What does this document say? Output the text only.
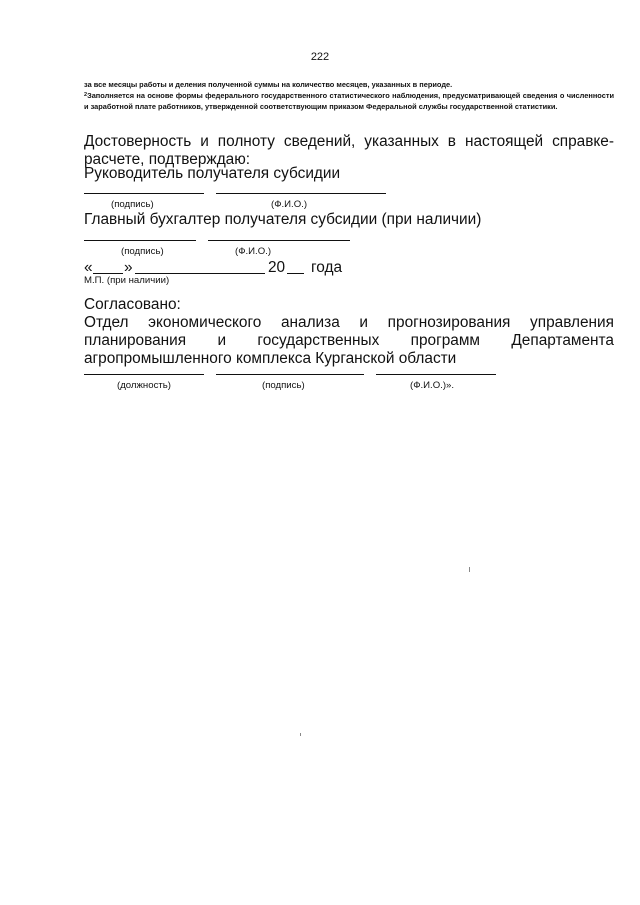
222
за все месяцы работы и деления полученной суммы на количество месяцев, указанных в периоде.
$^2$Заполняется на основе формы федерального государственного статистического наблюдения, предусматривающей сведения о численности и заработной плате работников, утвержденной соответствующим приказом Федеральной службы государственной статистики.
Достоверность и полноту сведений, указанных в настоящей справке-расчете, подтверждаю:
Руководитель получателя субсидии
(подпись)	(Ф.И.О.)
Главный бухгалтер получателя субсидии (при наличии)
(подпись)	(Ф.И.О.)
« »	20 года
М.П. (при наличии)
Согласовано:
Отдел экономического анализа и прогнозирования управления планирования и государственных программ Департамента агропромышленного комплекса Курганской области
(должность)	(подпись)	(Ф.И.О.)».
